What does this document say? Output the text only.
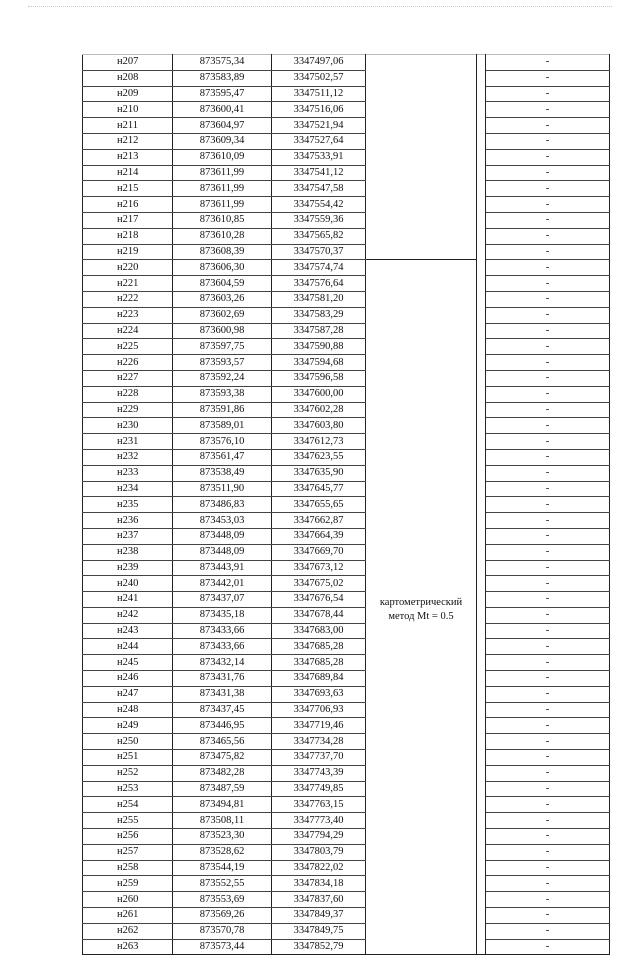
н207	873575,34	3347497,06			-
н208	873583,89	3347502,57			-
н209	873595,47	3347511,12			-
н210	873600,41	3347516,06			-
н211	873604,97	3347521,94			-
н212	873609,34	3347527,64			-
н213	873610,09	3347533,91			-
н214	873611,99	3347541,12			-
н215	873611,99	3347547,58			-
н216	873611,99	3347554,42			-
н217	873610,85	3347559,36			-
н218	873610,28	3347565,82			-
н219	873608,39	3347570,37			-
н220	873606,30	3347574,74			-
н221	873604,59	3347576,64			-
н222	873603,26	3347581,20			-
н223	873602,69	3347583,29			-
н224	873600,98	3347587,28			-
н225	873597,75	3347590,88			-
н226	873593,57	3347594,68			-
н227	873592,24	3347596,58			-
н228	873593,38	3347600,00			-
н229	873591,86	3347602,28			-
н230	873589,01	3347603,80			-
н231	873576,10	3347612,73			-
н232	873561,47	3347623,55			-
н233	873538,49	3347635,90			-
н234	873511,90	3347645,77			-
н235	873486,83	3347655,65			-
н236	873453,03	3347662,87			-
н237	873448,09	3347664,39			-
н238	873448,09	3347669,70			-
н239	873443,91	3347673,12			-
н240	873442,01	3347675,02			-
н241	873437,07	3347676,54	картометрический
метод Mt = 0.5		-
н242	873435,18	3347678,44			-
н243	873433,66	3347683,00			-
н244	873433,66	3347685,28			-
н245	873432,14	3347685,28			-
н246	873431,76	3347689,84			-
н247	873431,38	3347693,63			-
н248	873437,45	3347706,93			-
н249	873446,95	3347719,46			-
н250	873465,56	3347734,28			-
н251	873475,82	3347737,70			-
н252	873482,28	3347743,39			-
н253	873487,59	3347749,85			-
н254	873494,81	3347763,15			-
н255	873508,11	3347773,40			-
н256	873523,30	3347794,29			-
н257	873528,62	3347803,79			-
н258	873544,19	3347822,02			-
н259	873552,55	3347834,18			-
н260	873553,69	3347837,60			-
н261	873569,26	3347849,37			-
н262	873570,78	3347849,75			-
н263	873573,44	3347852,79			-
